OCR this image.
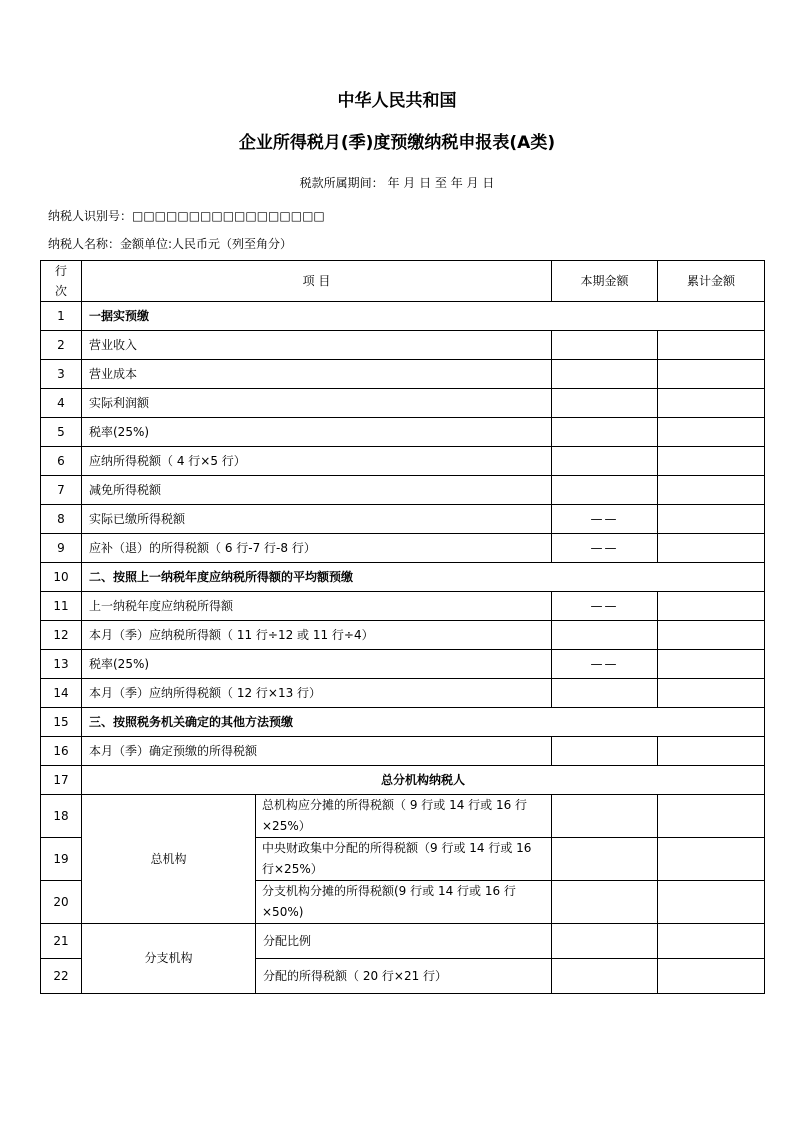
中华人民共和国
企业所得税月(季)度预缴纳税申报表(A类)
税款所属期间： 年 月 日 至 年 月 日
纳税人识别号：□□□□□□□□□□□□□□□□□
纳税人名称：金额单位:人民币元（列至角分）
行
次	项 目		本期金额	累计金额
1	一据实预缴			
2	营业收入			
3	营业成本			
4	实际利润额			
5	税率(25%)			
6	应纳所得税额（ 4 行×5 行）			
7	减免所得税额			
8	实际已缴所得税额		——	
9	应补（退）的所得税额（ 6 行-7 行-8 行）		——	
10	二、按照上一纳税年度应纳税所得额的平均额预缴			
11	上一纳税年度应纳税所得额		——	
12	本月（季）应纳税所得额（ 11 行÷12 或 11 行÷4）			
13	税率(25%)		——	
14	本月（季）应纳所得税额（ 12 行×13 行）			
15	三、按照税务机关确定的其他方法预缴			
16	本月（季）确定预缴的所得税额			
17	总分机构纳税人			
18	总机构	总机构应分摊的所得税额（ 9 行或 14 行或 16 行×25%）		
19		中央财政集中分配的所得税额（9 行或 14 行或 16 行×25%）		
20		分支机构分摊的所得税额(9 行或 14 行或 16 行×50%)		
21	分支机构	分配比例		
22		分配的所得税额（ 20 行×21 行）		
